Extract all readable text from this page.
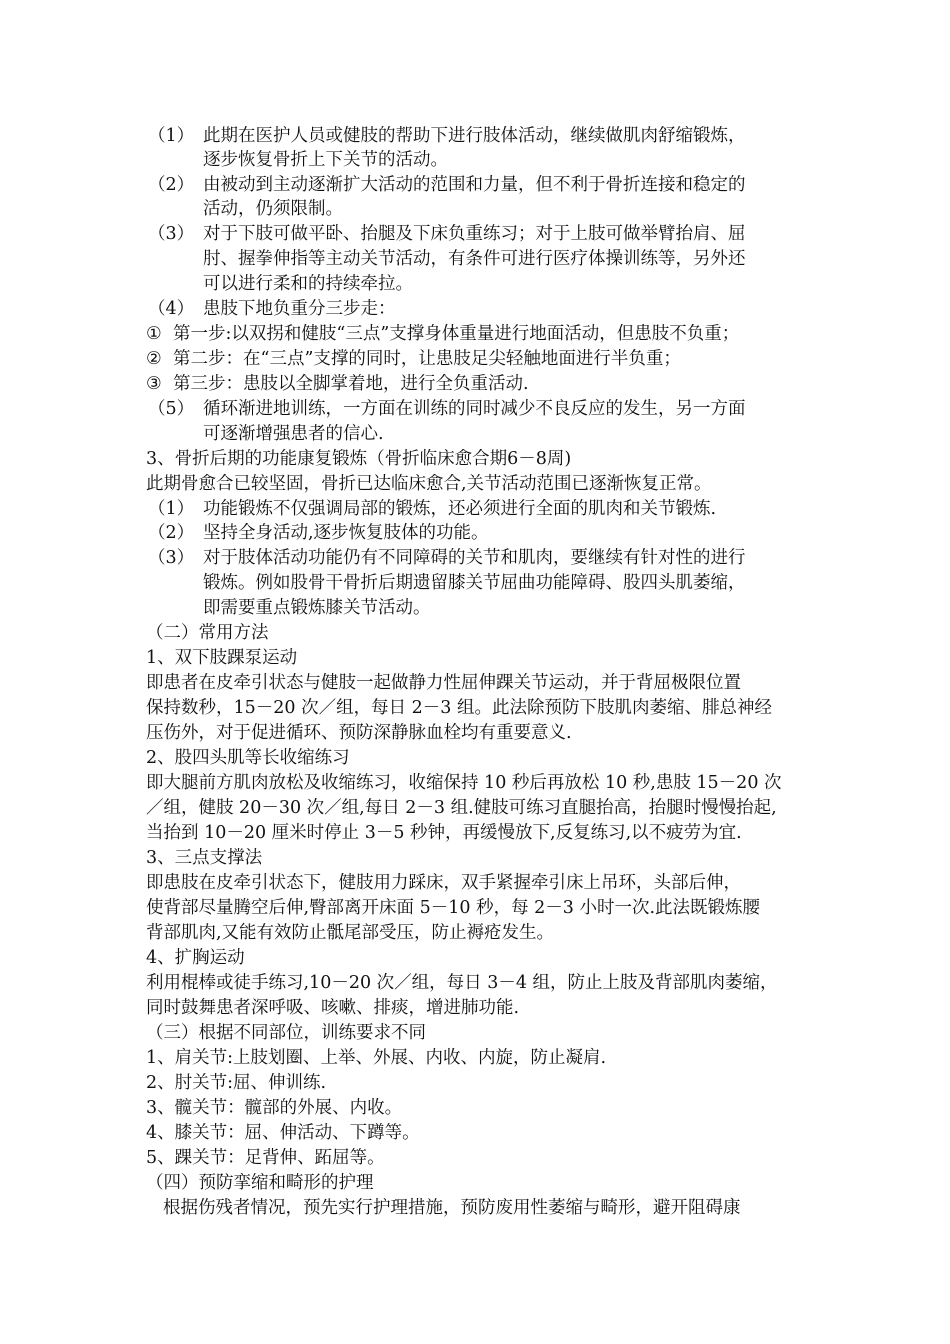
（1） 此期在医护人员或健肢的帮助下进行肢体活动，继续做肌肉舒缩锻炼，
逐步恢复骨折上下关节的活动。
（2） 由被动到主动逐渐扩大活动的范围和力量，但不利于骨折连接和稳定的
活动，仍须限制。
（3） 对于下肢可做平卧、抬腿及下床负重练习；对于上肢可做举臂抬肩、屈
肘、握拳伸指等主动关节活动，有条件可进行医疗体操训练等，另外还
可以进行柔和的持续牵拉。
（4） 患肢下地负重分三步走：
① 第一步:以双拐和健肢“三点”支撑身体重量进行地面活动，但患肢不负重；
② 第二步：在“三点”支撑的同时，让患肢足尖轻触地面进行半负重；
③ 第三步：患肢以全脚掌着地，进行全负重活动.
（5） 循环渐进地训练，一方面在训练的同时减少不良反应的发生，另一方面
可逐渐增强患者的信心.
3、骨折后期的功能康复锻炼（骨折临床愈合期6－8周)
此期骨愈合已较坚固，骨折已达临床愈合,关节活动范围已逐渐恢复正常。
（1） 功能锻炼不仅强调局部的锻炼，还必须进行全面的肌肉和关节锻炼.
（2） 坚持全身活动,逐步恢复肢体的功能。
（3） 对于肢体活动功能仍有不同障碍的关节和肌肉，要继续有针对性的进行
锻炼。例如股骨干骨折后期遗留膝关节屈曲功能障碍、股四头肌萎缩，
即需要重点锻炼膝关节活动。
（二）常用方法
1、双下肢踝泵运动
即患者在皮牵引状态与健肢一起做静力性屈伸踝关节运动，并于背屈极限位置
保持数秒，15－20 次／组，每日 2－3 组。此法除预防下肢肌肉萎缩、腓总神经
压伤外，对于促进循环、预防深静脉血栓均有重要意义.
2、股四头肌等长收缩练习
即大腿前方肌肉放松及收缩练习，收缩保持 10 秒后再放松 10 秒,患肢 15－20 次
／组，健肢 20－30 次／组,每日 2－3 组.健肢可练习直腿抬高，抬腿时慢慢抬起,
当抬到 10－20 厘米时停止 3－5 秒钟，再缓慢放下,反复练习,以不疲劳为宜.
3、三点支撑法
即患肢在皮牵引状态下，健肢用力踩床，双手紧握牵引床上吊环，头部后伸，
使背部尽量腾空后伸,臀部离开床面 5－10 秒，每 2－3 小时一次.此法既锻炼腰
背部肌肉,又能有效防止骶尾部受压，防止褥疮发生。
4、扩胸运动
利用棍棒或徒手练习,10－20 次／组，每日 3－4 组，防止上肢及背部肌肉萎缩，
同时鼓舞患者深呼吸、咳嗽、排痰，增进肺功能.
（三）根据不同部位，训练要求不同
1、肩关节:上肢划圈、上举、外展、内收、内旋，防止凝肩.
2、肘关节:屈、伸训练.
3、髋关节：髋部的外展、内收。
4、膝关节：屈、伸活动、下蹲等。
5、踝关节：足背伸、跖屈等。
（四）预防挛缩和畸形的护理
根据伤残者情况，预先实行护理措施，预防废用性萎缩与畸形，避开阻碍康
